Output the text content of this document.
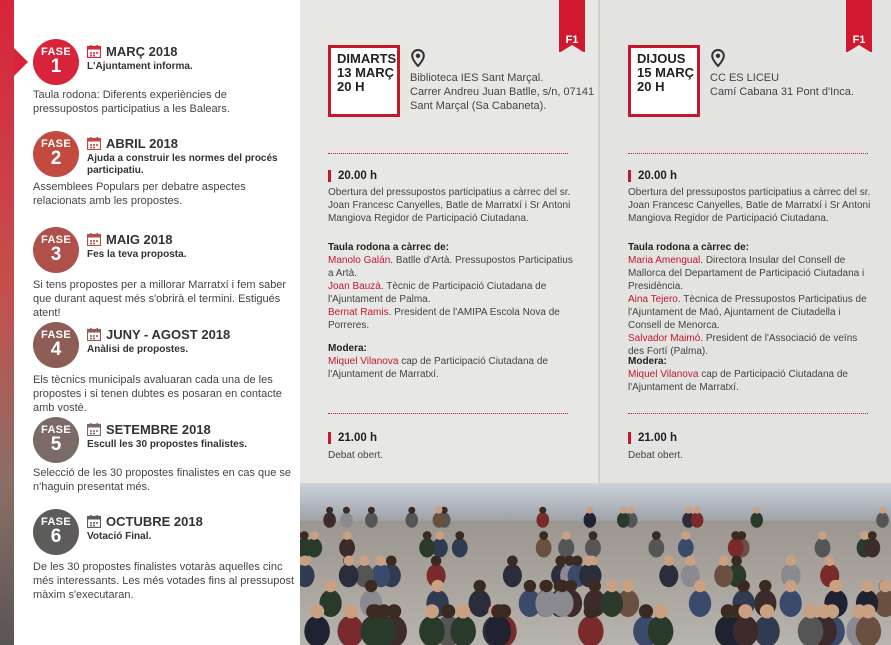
FASE
1
MARÇ 2018
L'Ajuntament informa.
Taula rodona: Diferents experiències de pressupostos participatius a les Balears.
FASE
2
ABRIL 2018
Ajuda a construir les normes del procés participatiu.
Assemblees Populars per debatre aspectes relacionats amb les propostes.
FASE
3
MAIG 2018
Fes la teva proposta.
Si tens propostes per a millorar Marratxí i fem saber que durant aquest més s'obrirà el termini. Estigués atent!
FASE
4
JUNY - AGOST 2018
Anàlisi de propostes.
Els tècnics municipals avaluaran cada una de les propostes i si tenen dubtes es posaran en contacte amb vostè.
FASE
5
SETEMBRE 2018
Escull les 30 propostes finalistes.
Selecció de les 30 propostes finalistes en cas que se n'haguin presentat més.
FASE
6
OCTUBRE 2018
Votació Final.
De les 30 propostes finalistes votaràs aquelles cinc més interessants. Les més votades fins al pressupost màxim s'executaran.
F1
DIMARTS
13 MARÇ
20 H
Biblioteca IES Sant Marçal.
Carrer Andreu Juan Batlle, s/n, 07141
Sant Marçal (Sa Cabaneta).
20.00 h
Obertura del pressupostos participatius a càrrec del sr. Joan Francesc Canyelles, Batle de Marratxí i Sr Antoni Mangiova Regidor de Participació Ciutadana.
Taula rodona a càrrec de:
Manolo Galán. Batlle d'Artà. Pressupostos Participatius a Artà.
Joan Bauzà. Tècnic de Participació Ciutadana de l'Ajuntament de Palma.
Bernat Ramis. President de l'AMIPA Escola Nova de Porreres.
Modera:
Miquel Vilanova cap de Participació Ciutadana de l'Ajuntament de Marratxí.
21.00 h
Debat obert.
F1
DIJOUS
15 MARÇ
20 H
CC ES LICEU
Camí Cabana 31 Pont d'Inca.
20.00 h
Obertura del pressupostos participatius a càrrec del sr. Joan Francesc Canyelles, Batle de Marratxí i Sr Antoni Mangiova Regidor de Participació Ciutadana.
Taula rodona a càrrec de:
Maria Amengual. Directora Insular del Consell de Mallorca del Departament de Participació Ciutadana i Presidència.
Aina Tejero. Tècnica de Pressupostos Participatius de l'Ajuntament de Maó, Ajuntament de Ciutadella i Consell de Menorca.
Salvador Maimó. President de l'Associació de veïns des Fortí (Palma).
Modera:
Miquel Vilanova cap de Participació Ciutadana de l'Ajuntament de Marratxí.
21.00 h
Debat obert.
